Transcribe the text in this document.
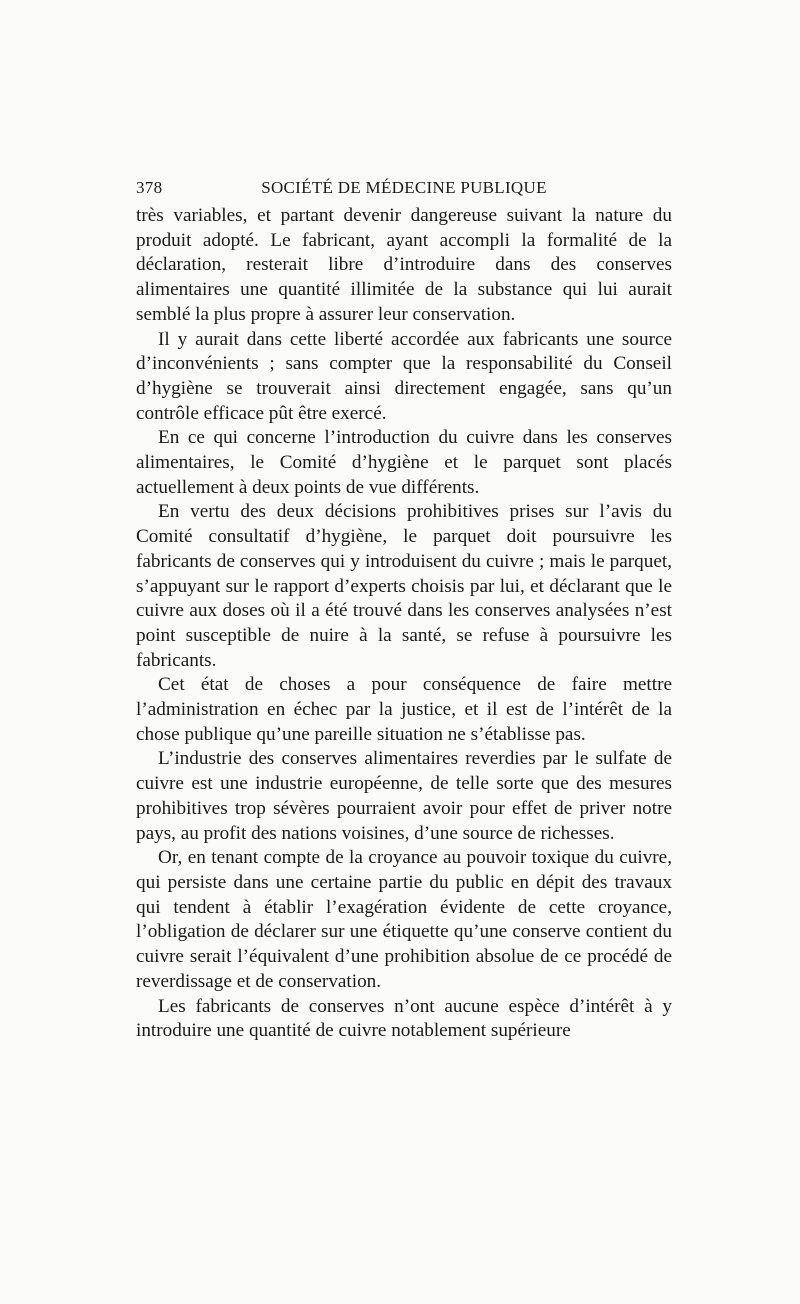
378	SOCIÉTÉ DE MÉDECINE PUBLIQUE

très variables, et partant devenir dangereuse suivant la nature du produit adopté. Le fabricant, ayant accompli la formalité de la déclaration, resterait libre d’introduire dans des conserves alimentaires une quantité illimitée de la substance qui lui aurait semblé la plus propre à assurer leur conservation.

Il y aurait dans cette liberté accordée aux fabricants une source d’inconvénients ; sans compter que la responsabilité du Conseil d’hygiène se trouverait ainsi directement engagée, sans qu’un contrôle efficace pût être exercé.

En ce qui concerne l’introduction du cuivre dans les conserves alimentaires, le Comité d’hygiène et le parquet sont placés actuellement à deux points de vue différents.

En vertu des deux décisions prohibitives prises sur l’avis du Comité consultatif d’hygiène, le parquet doit poursuivre les fabricants de conserves qui y introduisent du cuivre ; mais le parquet, s’appuyant sur le rapport d’experts choisis par lui, et déclarant que le cuivre aux doses où il a été trouvé dans les conserves analysées n’est point susceptible de nuire à la santé, se refuse à poursuivre les fabricants.

Cet état de choses a pour conséquence de faire mettre l’administration en échec par la justice, et il est de l’intérêt de la chose publique qu’une pareille situation ne s’établisse pas.

L’industrie des conserves alimentaires reverdies par le sulfate de cuivre est une industrie européenne, de telle sorte que des mesures prohibitives trop sévères pourraient avoir pour effet de priver notre pays, au profit des nations voisines, d’une source de richesses.

Or, en tenant compte de la croyance au pouvoir toxique du cuivre, qui persiste dans une certaine partie du public en dépit des travaux qui tendent à établir l’exagération évidente de cette croyance, l’obligation de déclarer sur une étiquette qu’une conserve contient du cuivre serait l’équivalent d’une prohibition absolue de ce procédé de reverdissage et de conservation.

Les fabricants de conserves n’ont aucune espèce d’intérêt à y introduire une quantité de cuivre notablement supérieure
